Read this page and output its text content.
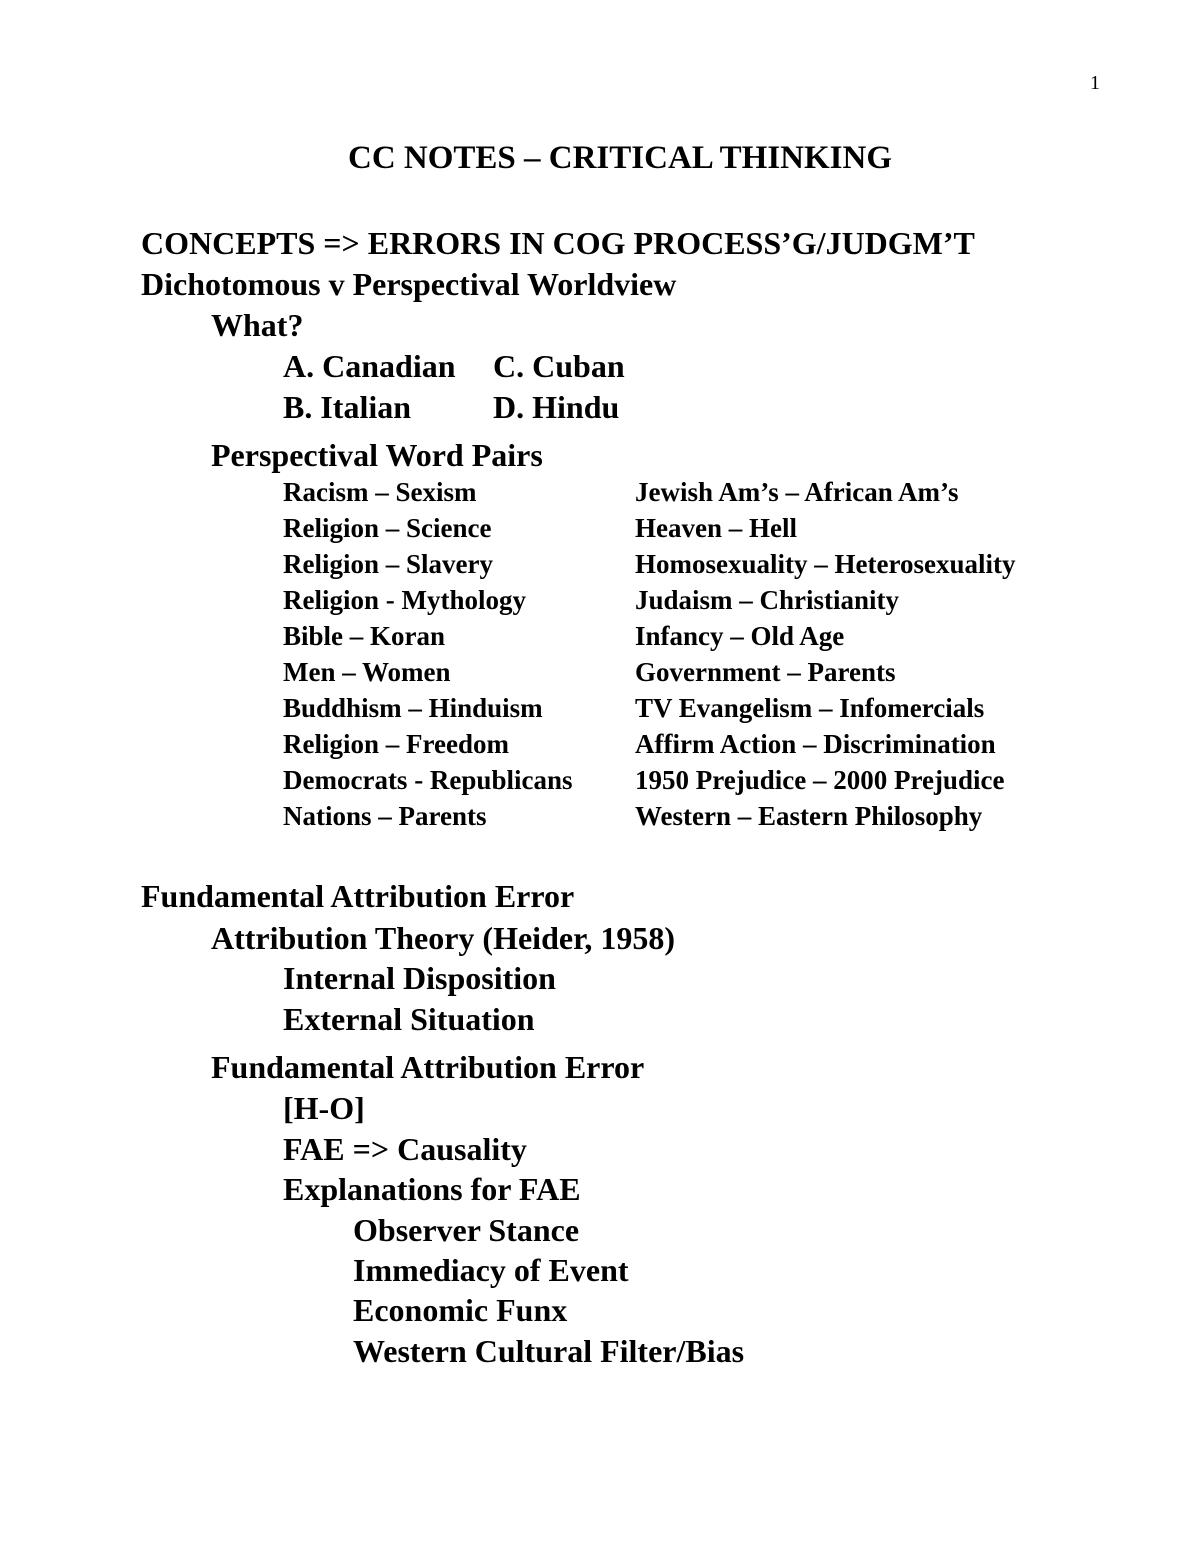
1
CC NOTES – CRITICAL THINKING
CONCEPTS => ERRORS IN COG PROCESS’G/JUDGM’T
Dichotomous v Perspectival Worldview
What?
A. Canadian C. Cuban
B. Italian	D. Hindu
Perspectival Word Pairs
Racism – Sexism	Jewish Am’s – African Am’s
Religion – Science	Heaven – Hell
Religion – Slavery	Homosexuality – Heterosexuality
Religion - Mythology	Judaism – Christianity
Bible – Koran	Infancy – Old Age
Men – Women	Government – Parents
Buddhism – Hinduism	TV Evangelism – Infomercials
Religion – Freedom	Affirm Action – Discrimination
Democrats - Republicans 1950 Prejudice – 2000 Prejudice
Nations – Parents	Western – Eastern Philosophy
Fundamental Attribution Error
Attribution Theory (Heider, 1958)
Internal Disposition
External Situation
Fundamental Attribution Error
[H-O]
FAE => Causality
Explanations for FAE
Observer Stance
Immediacy of Event
Economic Funx
Western Cultural Filter/Bias
